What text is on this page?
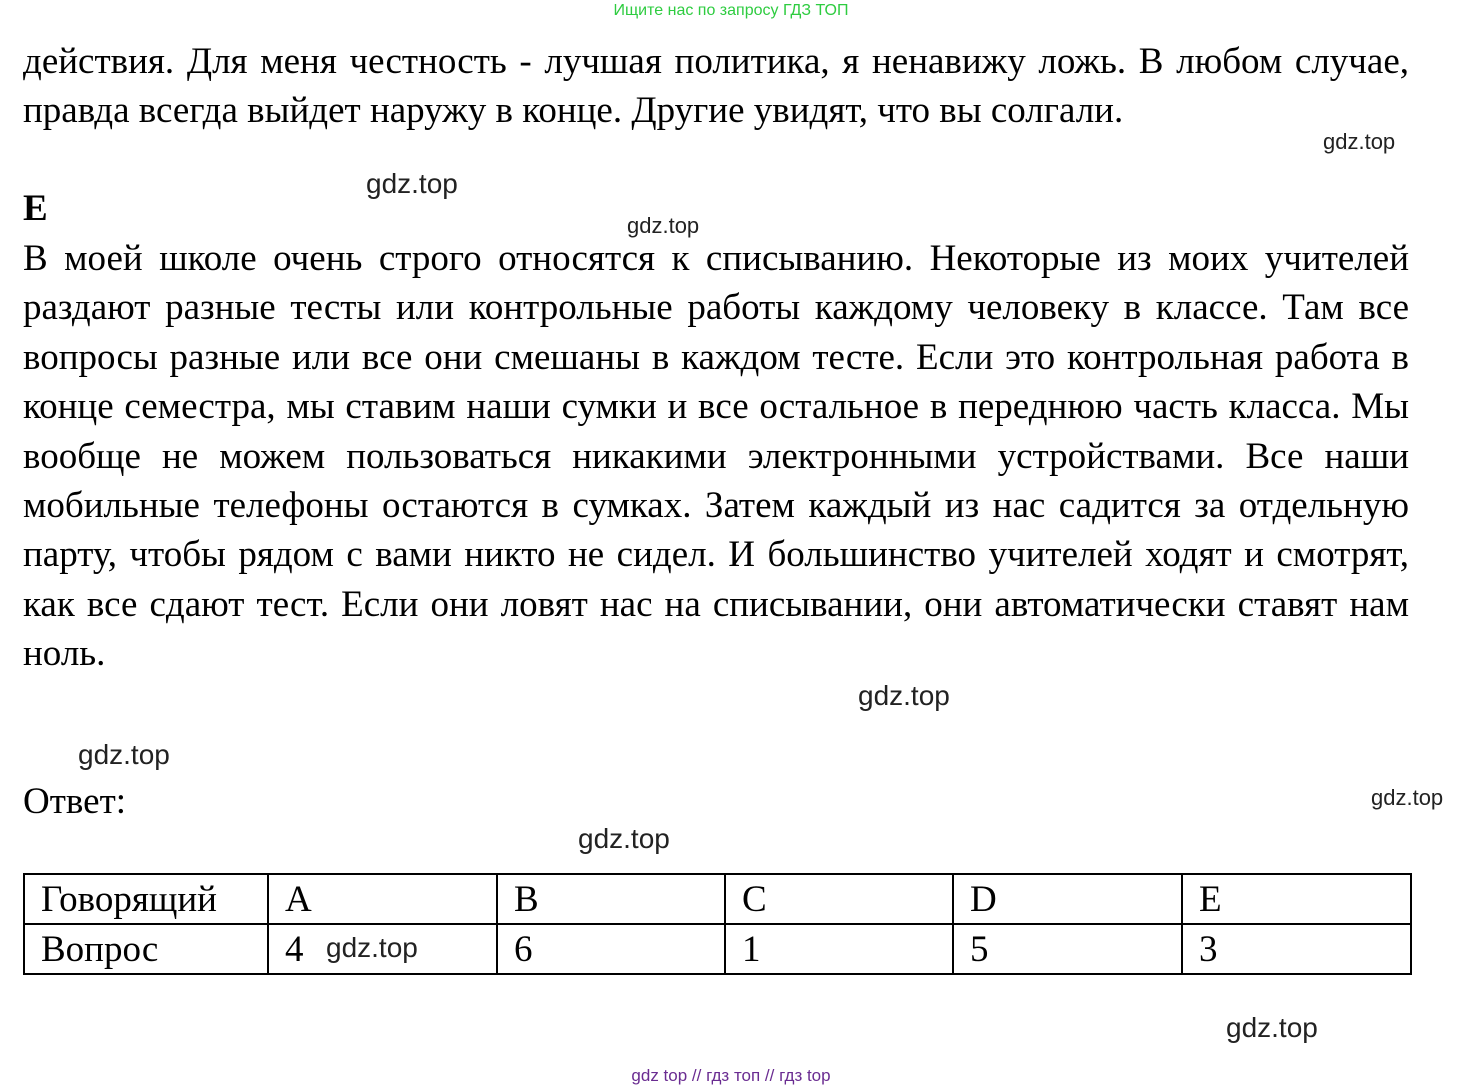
Ищите нас по запросу ГДЗ ТОП

действия. Для меня честность - лучшая политика, я ненавижу ложь. В любом случае, правда всегда выйдет наружу в конце. Другие увидят, что вы солгали.

E

В моей школе очень строго относятся к списыванию. Некоторые из моих учителей раздают разные тесты или контрольные работы каждому человеку в классе. Там все вопросы разные или все они смешаны в каждом тесте. Если это контрольная работа в конце семестра, мы ставим наши сумки и все остальное в переднюю часть класса. Мы вообще не можем пользоваться никакими электронными устройствами. Все наши мобильные телефоны остаются в сумках. Затем каждый из нас садится за отдельную парту, чтобы рядом с вами никто не сидел. И большинство учителей ходят и смотрят, как все сдают тест. Если они ловят нас на списывании, они автоматически ставят нам ноль.

Ответ:
Говорящий	A	B	C	D	E
Вопрос	4	6	1	5	3
gdz.top
gdz.top
gdz.top
gdz.top
gdz.top
gdz.top
gdz.top
gdz.top
gdz.top
gdz top // гдз топ // гдз top
